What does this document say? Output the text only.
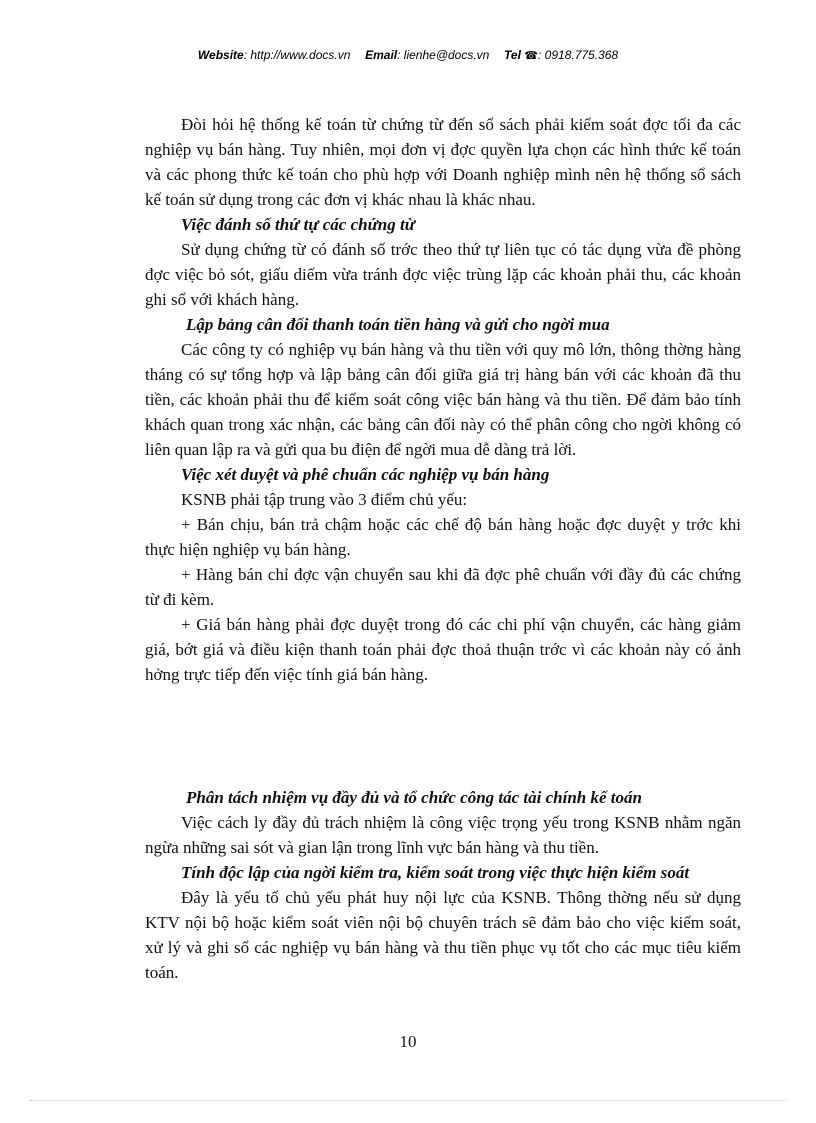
Website: http://www.docs.vn Email: lienhe@docs.vn Tel ☎: 0918.775.368

Đòi hỏi hệ thống kế toán từ chứng từ đến sổ sách phải kiểm soát đợc tối đa các nghiệp vụ bán hàng. Tuy nhiên, mọi đơn vị đợc quyền lựa chọn các hình thức kế toán và các phong thức kế toán cho phù hợp với Doanh nghiệp mình nên hệ thống sổ sách kế toán sử dụng trong các đơn vị khác nhau là khác nhau.

Việc đánh số thứ tự các chứng từ

Sử dụng chứng từ có đánh số trớc theo thứ tự liên tục có tác dụng vừa đề phòng đợc việc bỏ sót, giấu diếm vừa tránh đợc việc trùng lặp các khoản phải thu, các khoản ghi sổ với khách hàng.

Lập bảng cân đối thanh toán tiền hàng và gửi cho ngời mua

Các công ty có nghiệp vụ bán hàng và thu tiền với quy mô lớn, thông thờng hàng tháng có sự tổng hợp và lập bảng cân đối giữa giá trị hàng bán với các khoản đã thu tiền, các khoản phải thu để kiểm soát công việc bán hàng và thu tiền. Để đảm bảo tính khách quan trong xác nhận, các bảng cân đối này có thể phân công cho ngời không có liên quan lập ra và gửi qua bu điện để ngời mua dễ dàng trả lời.

Việc xét duyệt và phê chuẩn các nghiệp vụ bán hàng

KSNB phải tập trung vào 3 điểm chủ yếu:

+ Bán chịu, bán trả chậm hoặc các chế độ bán hàng hoặc đợc duyệt y trớc khi thực hiện nghiệp vụ bán hàng.

+ Hàng bán chỉ đợc vận chuyển sau khi đã đợc phê chuẩn với đầy đủ các chứng từ đi kèm.

+ Giá bán hàng phải đợc duyệt trong đó các chi phí vận chuyển, các hàng giảm giá, bớt giá và điều kiện thanh toán phải đợc thoả thuận trớc vì các khoản này có ảnh hởng trực tiếp đến việc tính giá bán hàng.

Phân tách nhiệm vụ đầy đủ và tổ chức công tác tài chính kế toán

Việc cách ly đầy đủ trách nhiệm là công việc trọng yếu trong KSNB nhằm ngăn ngừa những sai sót và gian lận trong lĩnh vực bán hàng và thu tiền.

Tính độc lập của ngời kiểm tra, kiểm soát trong việc thực hiện kiểm soát

Đây là yếu tố chủ yếu phát huy nội lực của KSNB. Thông thờng nếu sử dụng KTV nội bộ hoặc kiểm soát viên nội bộ chuyên trách sẽ đảm bảo cho việc kiểm soát, xử lý và ghi sổ các nghiệp vụ bán hàng và thu tiền phục vụ tốt cho các mục tiêu kiểm toán.

10
